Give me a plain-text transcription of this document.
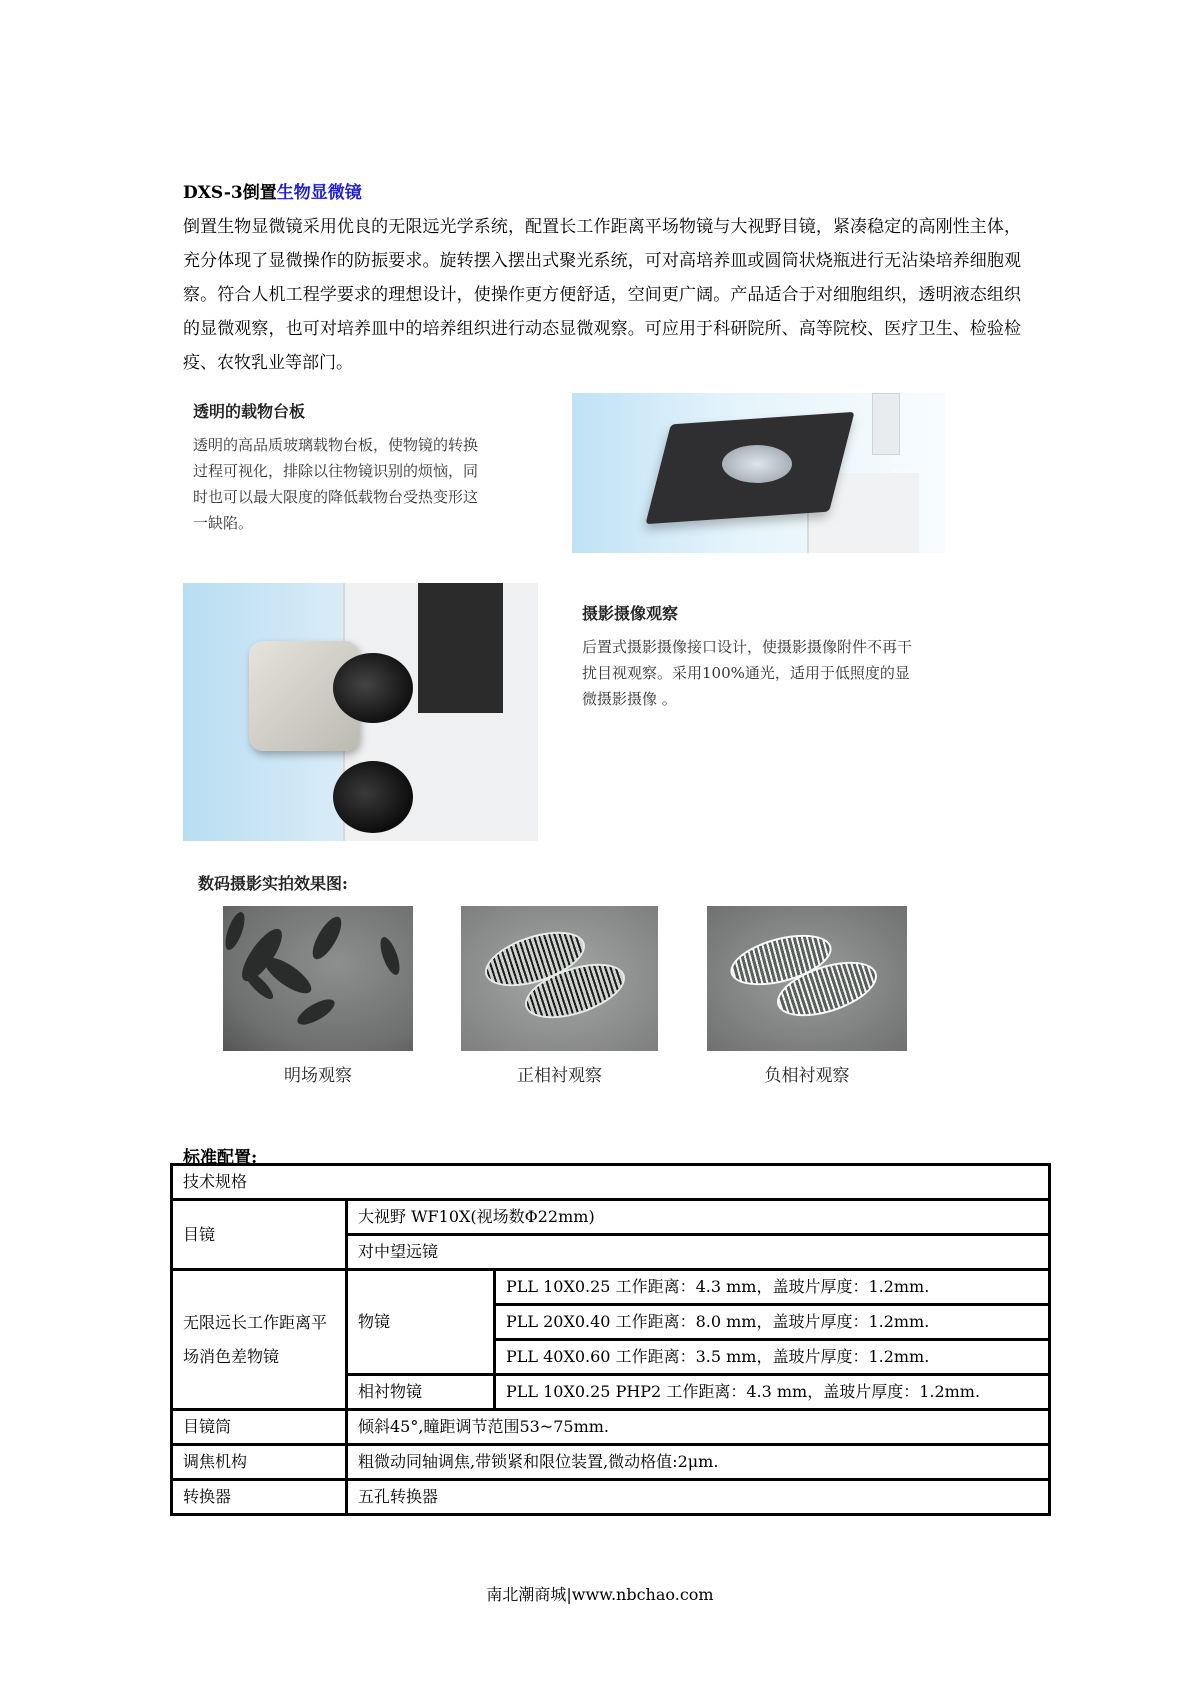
DXS-3倒置生物显微镜
倒置生物显微镜采用优良的无限远光学系统，配置长工作距离平场物镜与大视野目镜，紧凑稳定的高刚性主体，充分体现了显微操作的防振要求。旋转摆入摆出式聚光系统，可对高培养皿或圆筒状烧瓶进行无沾染培养细胞观察。符合人机工程学要求的理想设计，使操作更方便舒适，空间更广阔。产品适合于对细胞组织，透明液态组织的显微观察，也可对培养皿中的培养组织进行动态显微观察。可应用于科研院所、高等院校、医疗卫生、检验检疫、农牧乳业等部门。
透明的载物台板
透明的高品质玻璃载物台板，使物镜的转换过程可视化，排除以往物镜识别的烦恼，同时也可以最大限度的降低载物台受热变形这一缺陷。
摄影摄像观察
后置式摄影摄像接口设计，使摄影摄像附件不再干扰目视观察。采用100%通光，适用于低照度的显微摄影摄像 。
数码摄影实拍效果图:
明场观察	正相衬观察	负相衬观察
标准配置:
技术规格		
目镜	大视野 WF10X(视场数Φ22mm)	
	对中望远镜	
无限远长工作距离平场消色差物镜	物镜	PLL 10X0.25 工作距离：4.3 mm，盖玻片厚度：1.2mm.
		PLL 20X0.40 工作距离：8.0 mm，盖玻片厚度：1.2mm.
		PLL 40X0.60 工作距离：3.5 mm，盖玻片厚度：1.2mm.
	相衬物镜	PLL 10X0.25 PHP2 工作距离：4.3 mm，盖玻片厚度：1.2mm.
目镜筒	倾斜45°,瞳距调节范围53~75mm.	
调焦机构	粗微动同轴调焦,带锁紧和限位装置,微动格值:2μm.	
转换器	五孔转换器	
南北潮商城|www.nbchao.com
